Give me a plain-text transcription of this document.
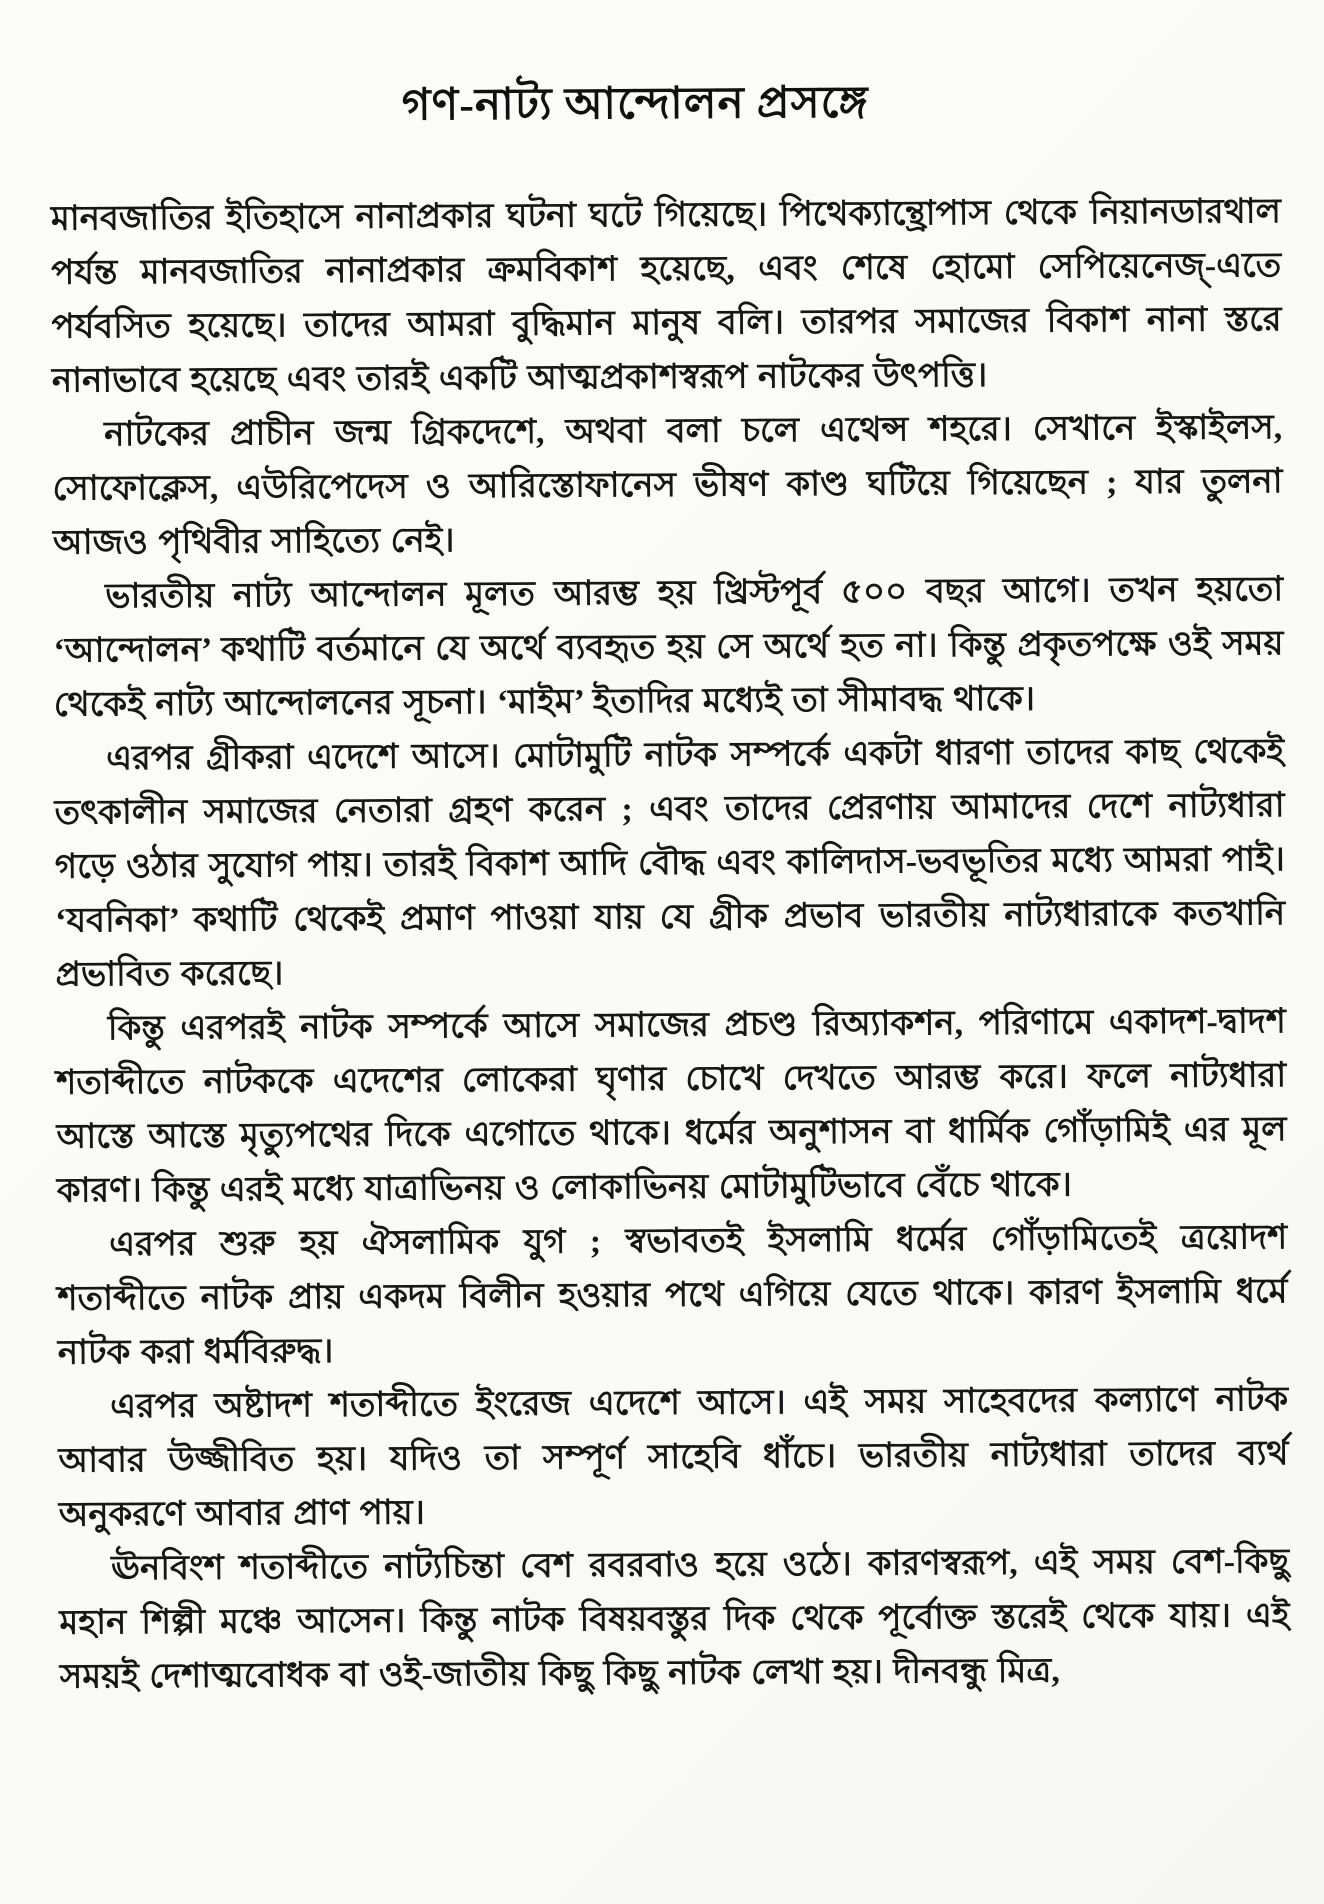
গণ-নাট্য আন্দোলন প্রসঙ্গে

মানবজাতির ইতিহাসে নানাপ্রকার ঘটনা ঘটে গিয়েছে। পিথেক্যান্থ্রোপাস থেকে নিয়ানডারথাল পর্যন্ত মানবজাতির নানাপ্রকার ক্রমবিকাশ হয়েছে, এবং শেষে হোমো সেপিয়েনেজ্‌-এতে পর্যবসিত হয়েছে। তাদের আমরা বুদ্ধিমান মানুষ বলি। তারপর সমাজের বিকাশ নানা স্তরে নানাভাবে হয়েছে এবং তারই একটি আত্মপ্রকাশস্বরূপ নাটকের উৎপত্তি।

নাটকের প্রাচীন জন্ম গ্রিকদেশে, অথবা বলা চলে এথেন্স শহরে। সেখানে ইস্কাইলস, সোফোক্লেস, এউরিপেদেস ও আরিস্তোফানেস ভীষণ কাণ্ড ঘটিয়ে গিয়েছেন ; যার তুলনা আজও পৃথিবীর সাহিত্যে নেই।

ভারতীয় নাট্য আন্দোলন মূলত আরম্ভ হয় খ্রিস্টপূর্ব ৫০০ বছর আগে। তখন হয়তো ‘আন্দোলন’ কথাটি বর্তমানে যে অর্থে ব্যবহৃত হয় সে অর্থে হত না। কিন্তু প্রকৃতপক্ষে ওই সময় থেকেই নাট্য আন্দোলনের সূচনা। ‘মাইম’ ইতাদির মধ্যেই তা সীমাবদ্ধ থাকে।

এরপর গ্রীকরা এদেশে আসে। মোটামুটি নাটক সম্পর্কে একটা ধারণা তাদের কাছ থেকেই তৎকালীন সমাজের নেতারা গ্রহণ করেন ; এবং তাদের প্রেরণায় আমাদের দেশে নাট্যধারা গড়ে ওঠার সুযোগ পায়। তারই বিকাশ আদি বৌদ্ধ এবং কালিদাস-ভবভূতির মধ্যে আমরা পাই। ‘যবনিকা’ কথাটি থেকেই প্রমাণ পাওয়া যায় যে গ্রীক প্রভাব ভারতীয় নাট্যধারাকে কতখানি প্রভাবিত করেছে।

কিন্তু এরপরই নাটক সম্পর্কে আসে সমাজের প্রচণ্ড রিঅ্যাকশন, পরিণামে একাদশ-দ্বাদশ শতাব্দীতে নাটককে এদেশের লোকেরা ঘৃণার চোখে দেখতে আরম্ভ করে। ফলে নাট্যধারা আস্তে আস্তে মৃত্যুপথের দিকে এগোতে থাকে। ধর্মের অনুশাসন বা ধার্মিক গোঁড়ামিই এর মূল কারণ। কিন্তু এরই মধ্যে যাত্রাভিনয় ও লোকাভিনয় মোটামুটিভাবে বেঁচে থাকে।

এরপর শুরু হয় ঐসলামিক যুগ ; স্বভাবতই ইসলামি ধর্মের গোঁড়ামিতেই ত্রয়োদশ শতাব্দীতে নাটক প্রায় একদম বিলীন হওয়ার পথে এগিয়ে যেতে থাকে। কারণ ইসলামি ধর্মে নাটক করা ধর্মবিরুদ্ধ।

এরপর অষ্টাদশ শতাব্দীতে ইংরেজ এদেশে আসে। এই সময় সাহেবদের কল্যাণে নাটক আবার উজ্জীবিত হয়। যদিও তা সম্পূর্ণ সাহেবি ধাঁচে। ভারতীয় নাট্যধারা তাদের ব্যর্থ অনুকরণে আবার প্রাণ পায়।

ঊনবিংশ শতাব্দীতে নাট্যচিন্তা বেশ রবরবাও হয়ে ওঠে। কারণস্বরূপ, এই সময় বেশ-কিছু মহান শিল্পী মঞ্চে আসেন। কিন্তু নাটক বিষয়বস্তুর দিক থেকে পূর্বোক্ত স্তরেই থেকে যায়। এই সময়ই দেশাত্মবোধক বা ওই-জাতীয় কিছু কিছু নাটক লেখা হয়। দীনবন্ধু মিত্র,
